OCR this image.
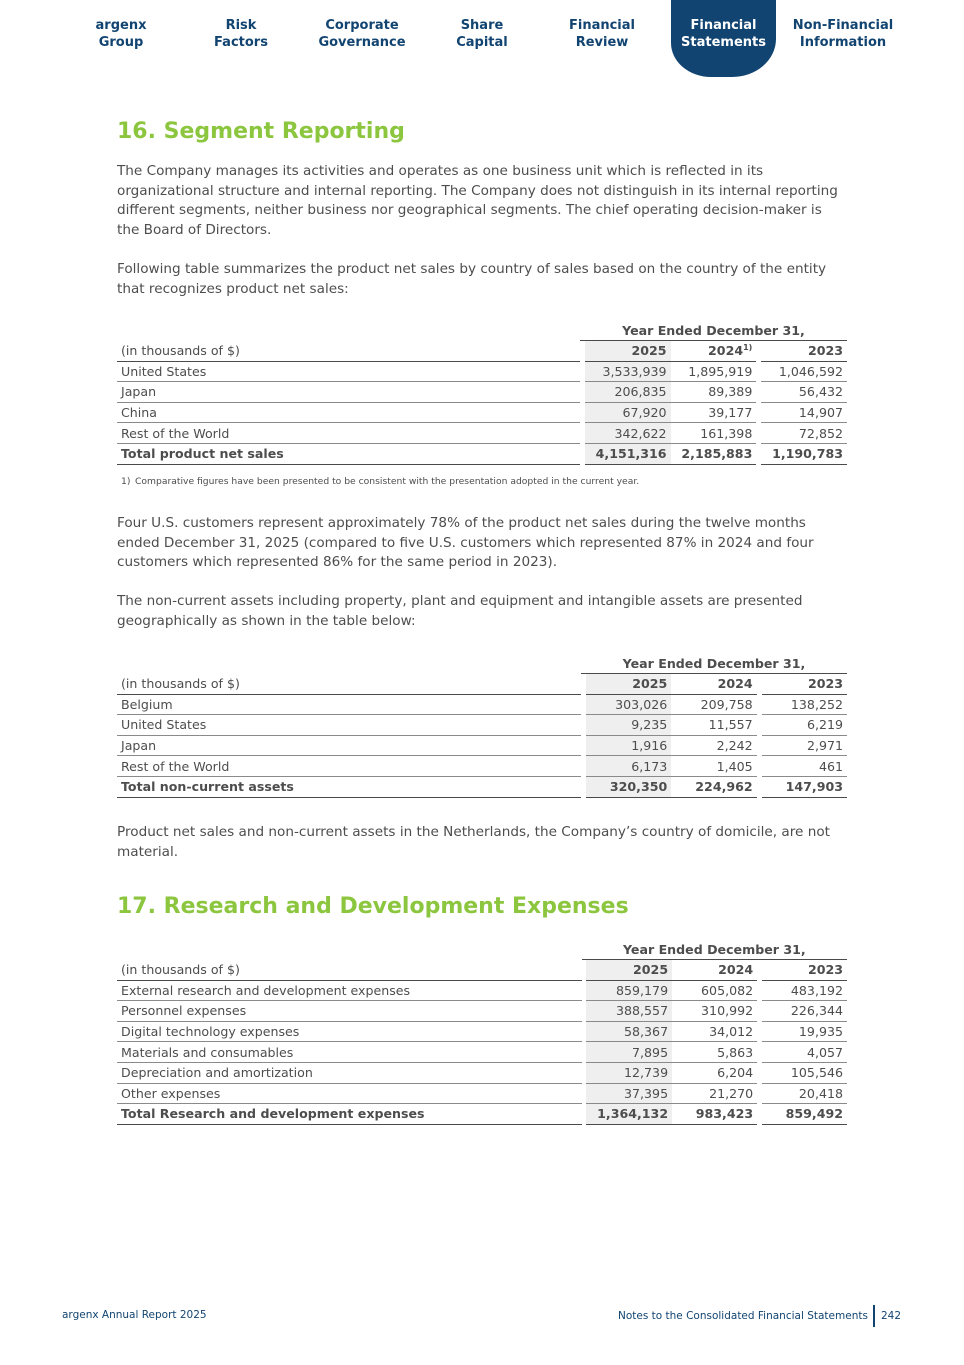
argenx
Group
Risk
Factors
Corporate
Governance
Share
Capital
Financial
Review
Financial
Statements
Non-Financial
Information
16. Segment Reporting

The Company manages its activities and operates as one business unit which is reflected in its organizational structure and internal reporting. The Company does not distinguish in its internal reporting different segments, neither business nor geographical segments. The chief operating decision-maker is the Board of Directors.

Following table summarizes the product net sales by country of sales based on the country of the entity that recognizes product net sales:

	Year Ended December 31,				
(in thousands of $)		2025	2024$^{1)}$		2023
United States		3,533,939	1,895,919		1,046,592
Japan		206,835	89,389		56,432
China		67,920	39,177		14,907
Rest of the World		342,622	161,398		72,852
Total product net sales		4,151,316	2,185,883		1,190,783
1) Comparative figures have been presented to be consistent with the presentation adopted in the current year.

Four U.S. customers represent approximately 78% of the product net sales during the twelve months ended December 31, 2025 (compared to five U.S. customers which represented 87% in 2024 and four customers which represented 86% for the same period in 2023).

The non-current assets including property, plant and equipment and intangible assets are presented geographically as shown in the table below:

	Year Ended December 31,				
(in thousands of $)		2025	2024		2023
Belgium		303,026	209,758		138,252
United States		9,235	11,557		6,219
Japan		1,916	2,242		2,971
Rest of the World		6,173	1,405		461
Total non-current assets		320,350	224,962		147,903

Product net sales and non-current assets in the Netherlands, the Company’s country of domicile, are not material.

17. Research and Development Expenses
	Year Ended December 31,				
(in thousands of $)		2025	2024		2023
External research and development expenses		859,179	605,082		483,192
Personnel expenses		388,557	310,992		226,344
Digital technology expenses		58,367	34,012		19,935
Materials and consumables		7,895	5,863		4,057
Depreciation and amortization		12,739	6,204		105,546
Other expenses		37,395	21,270		20,418
Total Research and development expenses		1,364,132	983,423		859,492
argenx Annual Report 2025	Notes to the Consolidated Financial Statements 242
